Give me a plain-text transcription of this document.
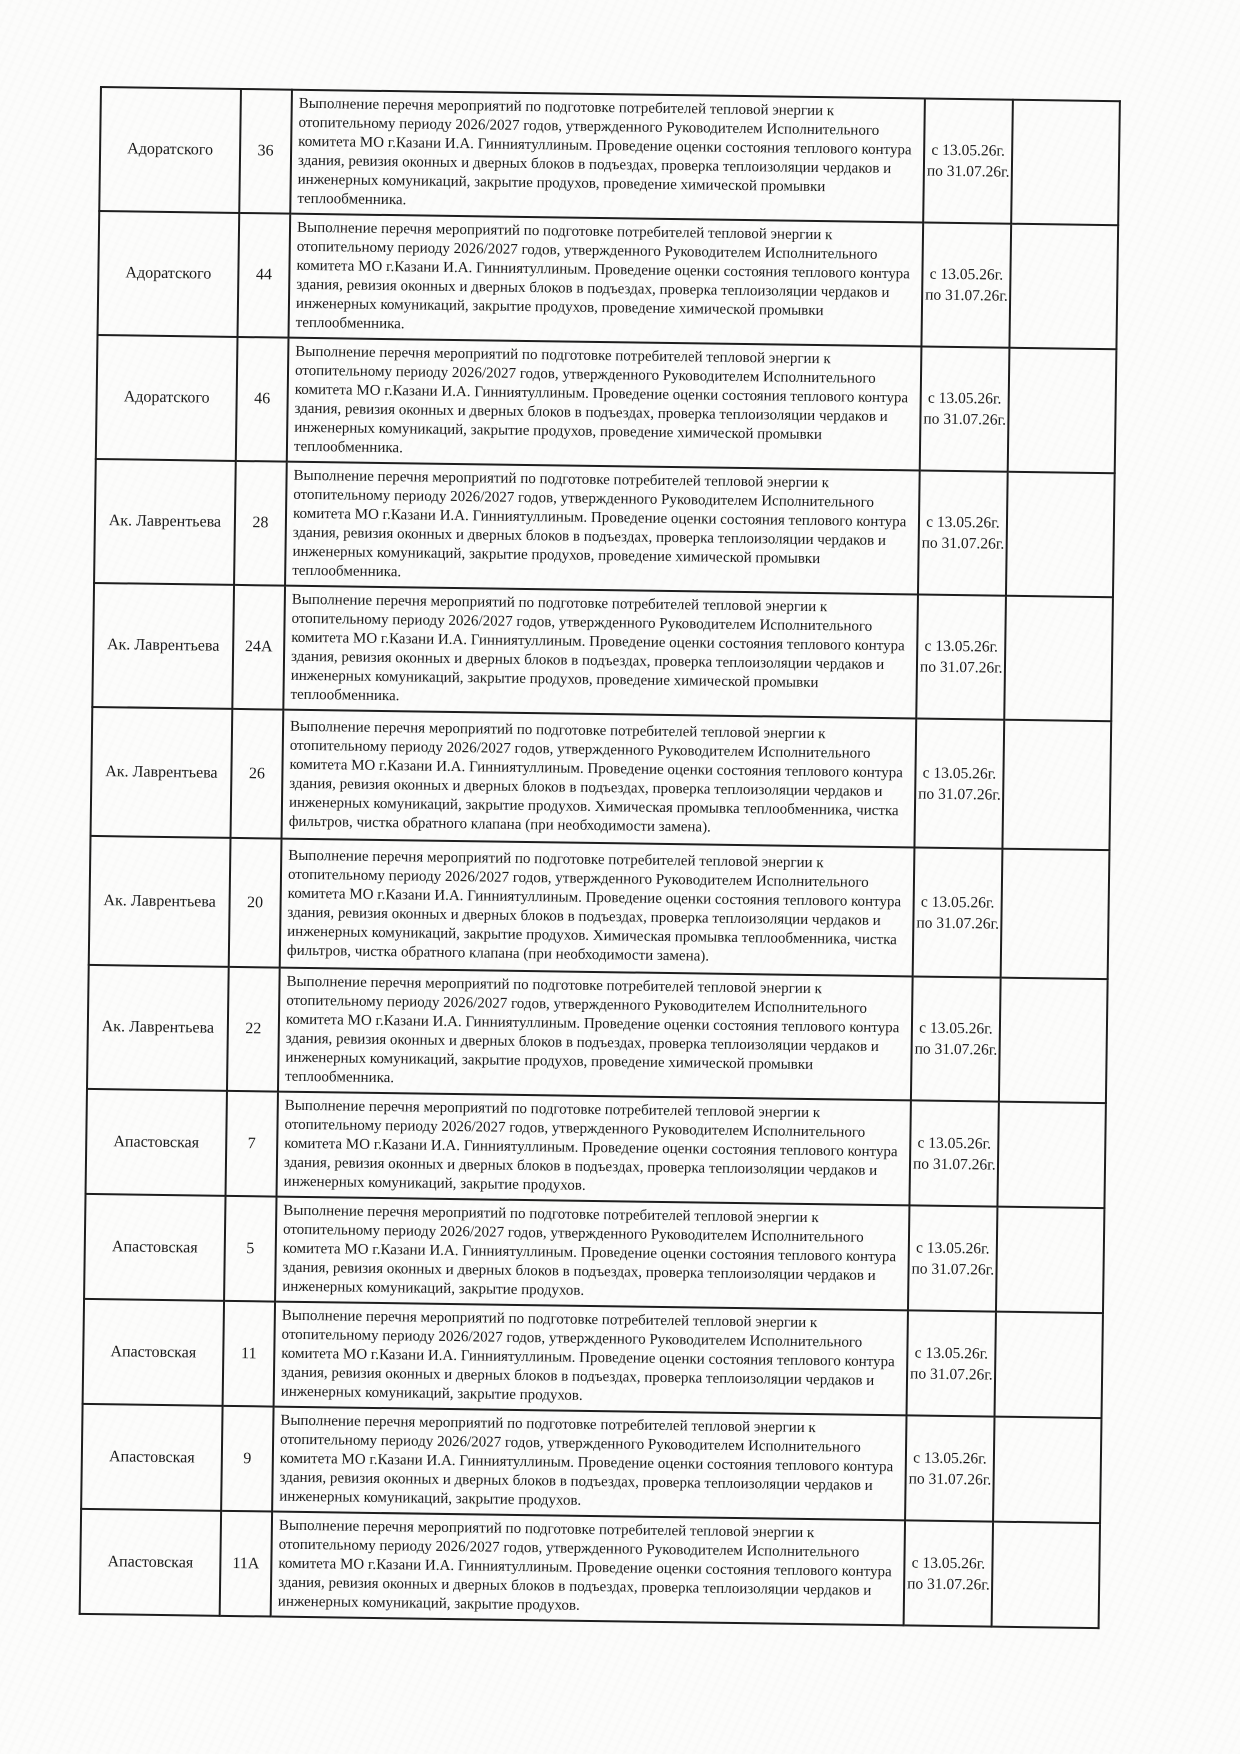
Адоратского	36	Выполнение перечня мероприятий по подготовке потребителей тепловой энергии к отопительному периоду 2026/2027 годов, утвержденного Руководителем Исполнительного комитета МО г.Казани И.А. Гинниятуллиным. Проведение оценки состояния теплового контура здания, ревизия оконных и дверных блоков в подъездах, проверка теплоизоляции чердаков и инженерных комуникаций, закрытие продухов, проведение химической промывки теплообменника.	с 13.05.26г.
по 31.07.26г.	

Адоратского	44	Выполнение перечня мероприятий по подготовке потребителей тепловой энергии к отопительному периоду 2026/2027 годов, утвержденного Руководителем Исполнительного комитета МО г.Казани И.А. Гинниятуллиным. Проведение оценки состояния теплового контура здания, ревизия оконных и дверных блоков в подъездах, проверка теплоизоляции чердаков и инженерных комуникаций, закрытие продухов, проведение химической промывки теплообменника.	с 13.05.26г.
по 31.07.26г.	

Адоратского	46	Выполнение перечня мероприятий по подготовке потребителей тепловой энергии к отопительному периоду 2026/2027 годов, утвержденного Руководителем Исполнительного комитета МО г.Казани И.А. Гинниятуллиным. Проведение оценки состояния теплового контура здания, ревизия оконных и дверных блоков в подъездах, проверка теплоизоляции чердаков и инженерных комуникаций, закрытие продухов, проведение химической промывки теплообменника.	с 13.05.26г.
по 31.07.26г.	

Ак. Лаврентьева	28	Выполнение перечня мероприятий по подготовке потребителей тепловой энергии к отопительному периоду 2026/2027 годов, утвержденного Руководителем Исполнительного комитета МО г.Казани И.А. Гинниятуллиным. Проведение оценки состояния теплового контура здания, ревизия оконных и дверных блоков в подъездах, проверка теплоизоляции чердаков и инженерных комуникаций, закрытие продухов, проведение химической промывки теплообменника.	с 13.05.26г.
по 31.07.26г.	

Ак. Лаврентьева	24А	Выполнение перечня мероприятий по подготовке потребителей тепловой энергии к отопительному периоду 2026/2027 годов, утвержденного Руководителем Исполнительного комитета МО г.Казани И.А. Гинниятуллиным. Проведение оценки состояния теплового контура здания, ревизия оконных и дверных блоков в подъездах, проверка теплоизоляции чердаков и инженерных комуникаций, закрытие продухов, проведение химической промывки теплообменника.	с 13.05.26г.
по 31.07.26г.	

Ак. Лаврентьева	26	Выполнение перечня мероприятий по подготовке потребителей тепловой энергии к отопительному периоду 2026/2027 годов, утвержденного Руководителем Исполнительного комитета МО г.Казани И.А. Гинниятуллиным. Проведение оценки состояния теплового контура здания, ревизия оконных и дверных блоков в подъездах, проверка теплоизоляции чердаков и инженерных комуникаций, закрытие продухов. Химическая промывка теплообменника, чистка фильтров, чистка обратного клапана (при необходимости замена).	с 13.05.26г.
по 31.07.26г.	

Ак. Лаврентьева	20	Выполнение перечня мероприятий по подготовке потребителей тепловой энергии к отопительному периоду 2026/2027 годов, утвержденного Руководителем Исполнительного комитета МО г.Казани И.А. Гинниятуллиным. Проведение оценки состояния теплового контура здания, ревизия оконных и дверных блоков в подъездах, проверка теплоизоляции чердаков и инженерных комуникаций, закрытие продухов. Химическая промывка теплообменника, чистка фильтров, чистка обратного клапана (при необходимости замена).	с 13.05.26г.
по 31.07.26г.	

Ак. Лаврентьева	22	Выполнение перечня мероприятий по подготовке потребителей тепловой энергии к отопительному периоду 2026/2027 годов, утвержденного Руководителем Исполнительного комитета МО г.Казани И.А. Гинниятуллиным. Проведение оценки состояния теплового контура здания, ревизия оконных и дверных блоков в подъездах, проверка теплоизоляции чердаков и инженерных комуникаций, закрытие продухов, проведение химической промывки теплообменника.	с 13.05.26г.
по 31.07.26г.	

Апастовская	7	Выполнение перечня мероприятий по подготовке потребителей тепловой энергии к отопительному периоду 2026/2027 годов, утвержденного Руководителем Исполнительного комитета МО г.Казани И.А. Гинниятуллиным. Проведение оценки состояния теплового контура здания, ревизия оконных и дверных блоков в подъездах, проверка теплоизоляции чердаков и инженерных комуникаций, закрытие продухов.	с 13.05.26г.
по 31.07.26г.	

Апастовская	5	Выполнение перечня мероприятий по подготовке потребителей тепловой энергии к отопительному периоду 2026/2027 годов, утвержденного Руководителем Исполнительного комитета МО г.Казани И.А. Гинниятуллиным. Проведение оценки состояния теплового контура здания, ревизия оконных и дверных блоков в подъездах, проверка теплоизоляции чердаков и инженерных комуникаций, закрытие продухов.	с 13.05.26г.
по 31.07.26г.	

Апастовская	11	Выполнение перечня мероприятий по подготовке потребителей тепловой энергии к отопительному периоду 2026/2027 годов, утвержденного Руководителем Исполнительного комитета МО г.Казани И.А. Гинниятуллиным. Проведение оценки состояния теплового контура здания, ревизия оконных и дверных блоков в подъездах, проверка теплоизоляции чердаков и инженерных комуникаций, закрытие продухов.	с 13.05.26г.
по 31.07.26г.	

Апастовская	9	Выполнение перечня мероприятий по подготовке потребителей тепловой энергии к отопительному периоду 2026/2027 годов, утвержденного Руководителем Исполнительного комитета МО г.Казани И.А. Гинниятуллиным. Проведение оценки состояния теплового контура здания, ревизия оконных и дверных блоков в подъездах, проверка теплоизоляции чердаков и инженерных комуникаций, закрытие продухов.	с 13.05.26г.
по 31.07.26г.	

Апастовская	11А	Выполнение перечня мероприятий по подготовке потребителей тепловой энергии к отопительному периоду 2026/2027 годов, утвержденного Руководителем Исполнительного комитета МО г.Казани И.А. Гинниятуллиным. Проведение оценки состояния теплового контура здания, ревизия оконных и дверных блоков в подъездах, проверка теплоизоляции чердаков и инженерных комуникаций, закрытие продухов.	с 13.05.26г.
по 31.07.26г.	
